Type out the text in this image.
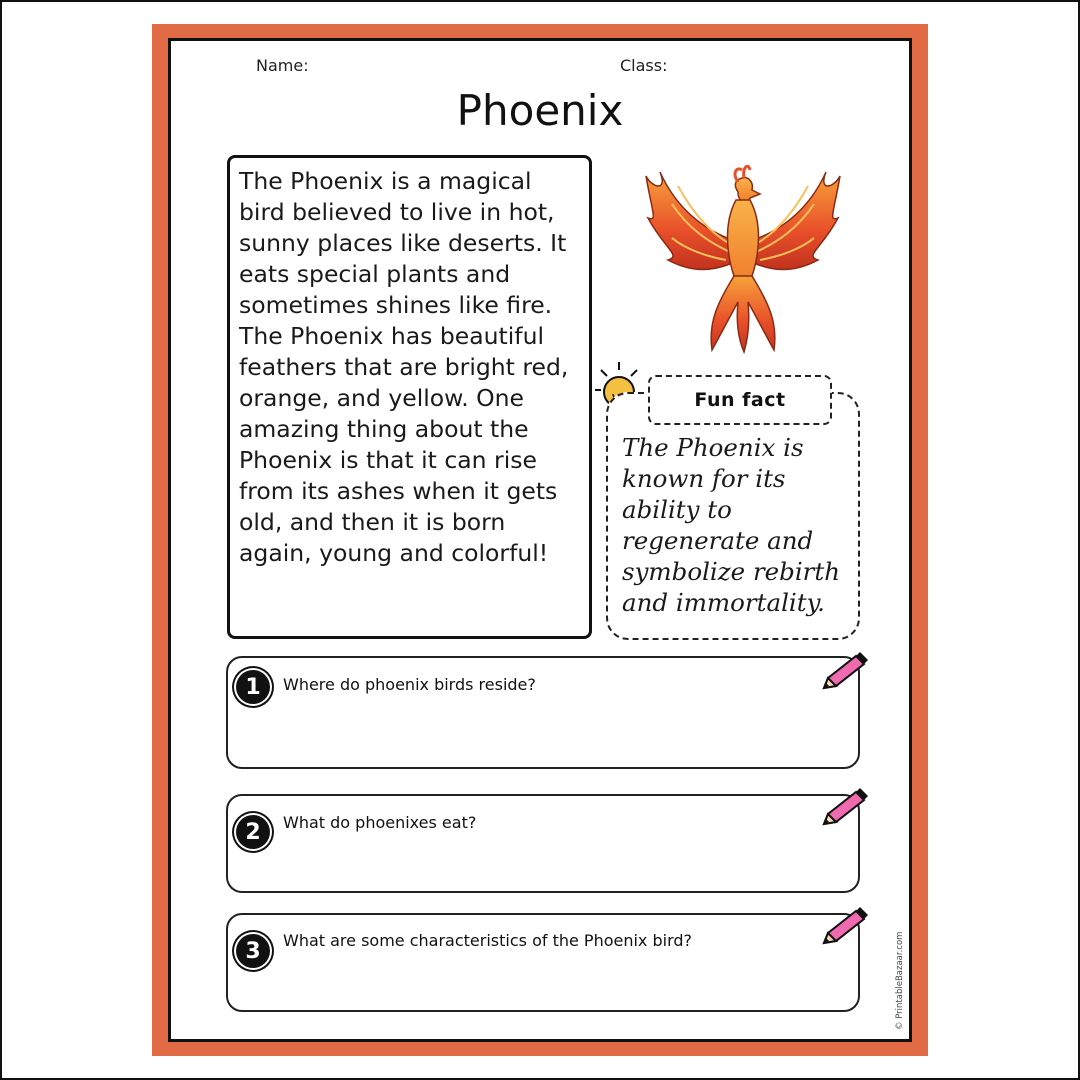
Name:	Class:
Phoenix
The Phoenix is a magical bird believed to live in hot, sunny places like deserts. It eats special plants and sometimes shines like fire. The Phoenix has beautiful feathers that are bright red, orange, and yellow. One amazing thing about the Phoenix is that it can rise from its ashes when it gets old, and then it is born again, young and colorful!
Fun fact
The Phoenix is known for its ability to regenerate and symbolize rebirth and immortality.
1	Where do phoenix birds reside?
2	What do phoenixes eat?
3	What are some characteristics of the Phoenix bird?	© PrintableBazaar.com
